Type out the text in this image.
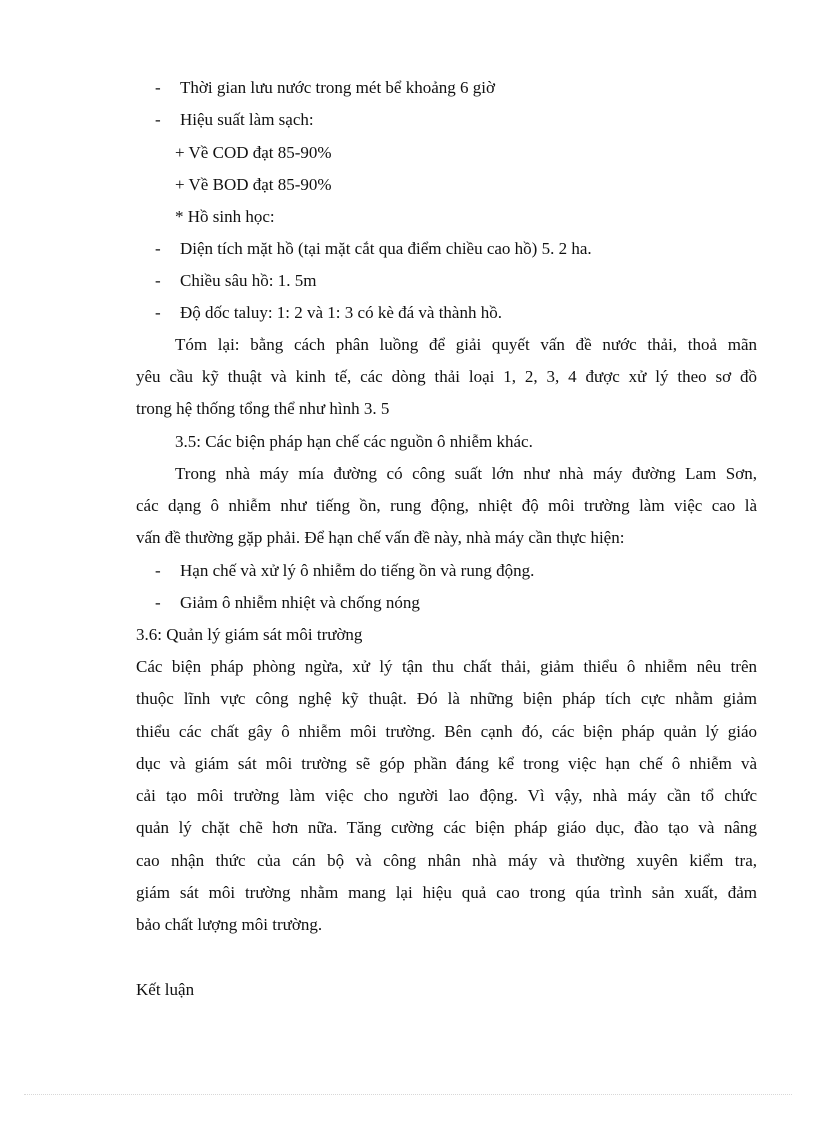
- Thời gian lưu nước trong mét bể khoảng 6 giờ
- Hiệu suất làm sạch:
+ Về COD đạt 85-90%
+ Về BOD đạt 85-90%
* Hồ sinh học:
- Diện tích mặt hồ (tại mặt cắt qua điểm chiều cao hồ) 5. 2 ha.
- Chiều sâu hồ: 1. 5m
- Độ dốc taluy: 1: 2 và 1: 3 có kè đá và thành hồ.
Tóm lại: bằng cách phân luồng để giải quyết vấn đề nước thải, thoả mãn
yêu cầu kỹ thuật và kinh tế, các dòng thải loại 1, 2, 3, 4 được xử lý theo sơ đồ
trong hệ thống tổng thể như hình 3. 5
3.5: Các biện pháp hạn chế các nguồn ô nhiễm khác.
Trong nhà máy mía đường có công suất lớn như nhà máy đường Lam Sơn,
các dạng ô nhiễm như tiếng ồn, rung động, nhiệt độ môi trường làm việc cao là
vấn đề thường gặp phải. Để hạn chế vấn đề này, nhà máy cần thực hiện:
- Hạn chế và xử lý ô nhiễm do tiếng ồn và rung động.
- Giảm ô nhiễm nhiệt và chống nóng
3.6: Quản lý giám sát môi trường
Các biện pháp phòng ngừa, xử lý tận thu chất thải, giảm thiểu ô nhiễm nêu trên
thuộc lĩnh vực công nghệ kỹ thuật. Đó là những biện pháp tích cực nhằm giảm
thiểu các chất gây ô nhiễm môi trường. Bên cạnh đó, các biện pháp quản lý giáo
dục và giám sát môi trường sẽ góp phần đáng kể trong việc hạn chế ô nhiễm và
cải tạo môi trường làm việc cho người lao động. Vì vậy, nhà máy cần tổ chức
quản lý chặt chẽ hơn nữa. Tăng cường các biện pháp giáo dục, đào tạo và nâng
cao nhận thức của cán bộ và công nhân nhà máy và thường xuyên kiểm tra,
giám sát môi trường nhằm mang lại hiệu quả cao trong qúa trình sản xuất, đảm
bảo chất lượng môi trường.
Kết luận
